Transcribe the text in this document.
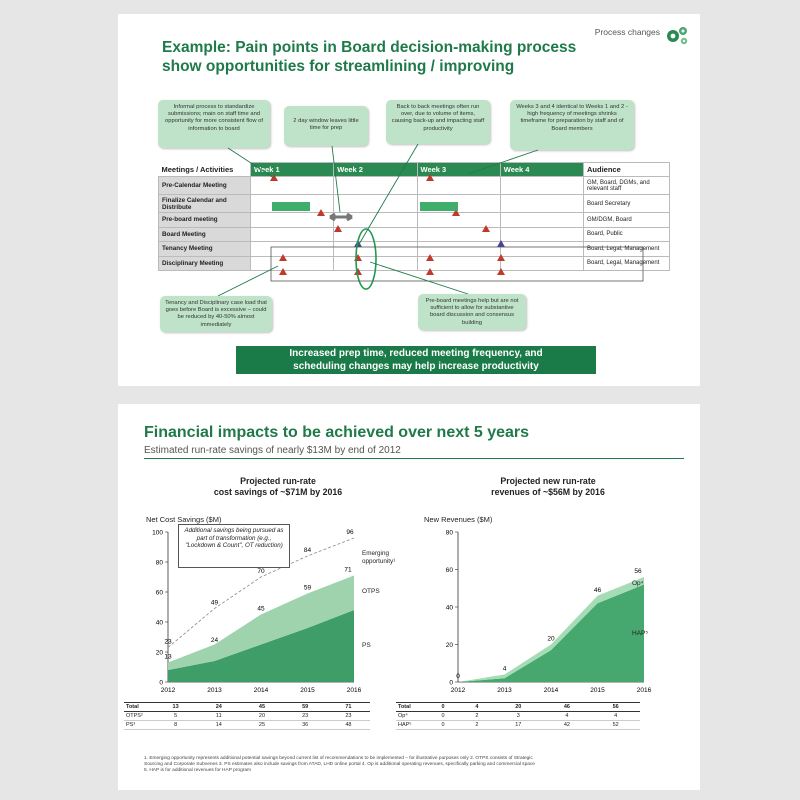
Process changes
Example: Pain points in Board decision-making process
show opportunities for streamlining / improving
Informal process to standardize submissions; main on staff time and opportunity for more consistent flow of information to board
2 day window leaves little time for prep
Back to back meetings often run over, due to volume of items, causing back-up and impacting staff productivity
Weeks 3 and 4 identical to Weeks 1 and 2 - high frequency of meetings shrinks timeframe for preparation by staff and of Board members
Meetings / Activities	Week 1	Week 2	Week 3	Week 4	Audience
Pre-Calendar Meeting					GM, Board, DGMs, and relevant staff
Finalize Calendar and Distribute					Board Secretary
Pre-board meeting					GM/DGM, Board
Board Meeting					Board, Public
Tenancy Meeting					Board, Legal, Management
Disciplinary Meeting					Board, Legal, Management
Tenancy and Disciplinary case load that goes before Board is excessive – could be reduced by 40-50% almost immediately
Pre-board meetings help but are not sufficient to allow for substantive board discussion and consensus building
Increased prep time, reduced meeting frequency, and
scheduling changes may help increase productivity
Financial impacts to be achieved over next 5 years
Estimated run-rate savings of nearly $13M by end of 2012
Projected run-rate
cost savings of ~$71M by 2016
Projected new run-rate
revenues of ~$56M by 2016
Net Cost Savings ($M)	New Revenues ($M)
0
20
40
60
80
100
2012	2013	2014	2015	2016
23
49
70
84
96
13
24
45
59
71
0
20
40
60
80
2012	2013	2014	2015	2016
0
4
20
46
56
Additional savings being pursued as part of transformation (e.g., "Lockdown & Count", OT reduction)
Emerging opportunity¹
OTPS
PS
Op⁴
HAP⁵
Total	13	24	45	59	71
OTPS²	5	11	20	23	23
PS³	8	14	25	36	48
Total	0	4	20	46	56
Op⁴	0	2	3	4	4
HAP⁵	0	2	17	42	52
1. Emerging opportunity represents additional potential savings beyond current list of recommendations to be implemented – for illustrative purposes only 2. OTPS consists of Strategic
Sourcing and Corporate Subvenes 3. PS estimates also include savings from ATAD, LHD online portal 4. Op is additional operating revenues, specifically parking and commercial space
5. HAP is for additional revenues for HAP program
